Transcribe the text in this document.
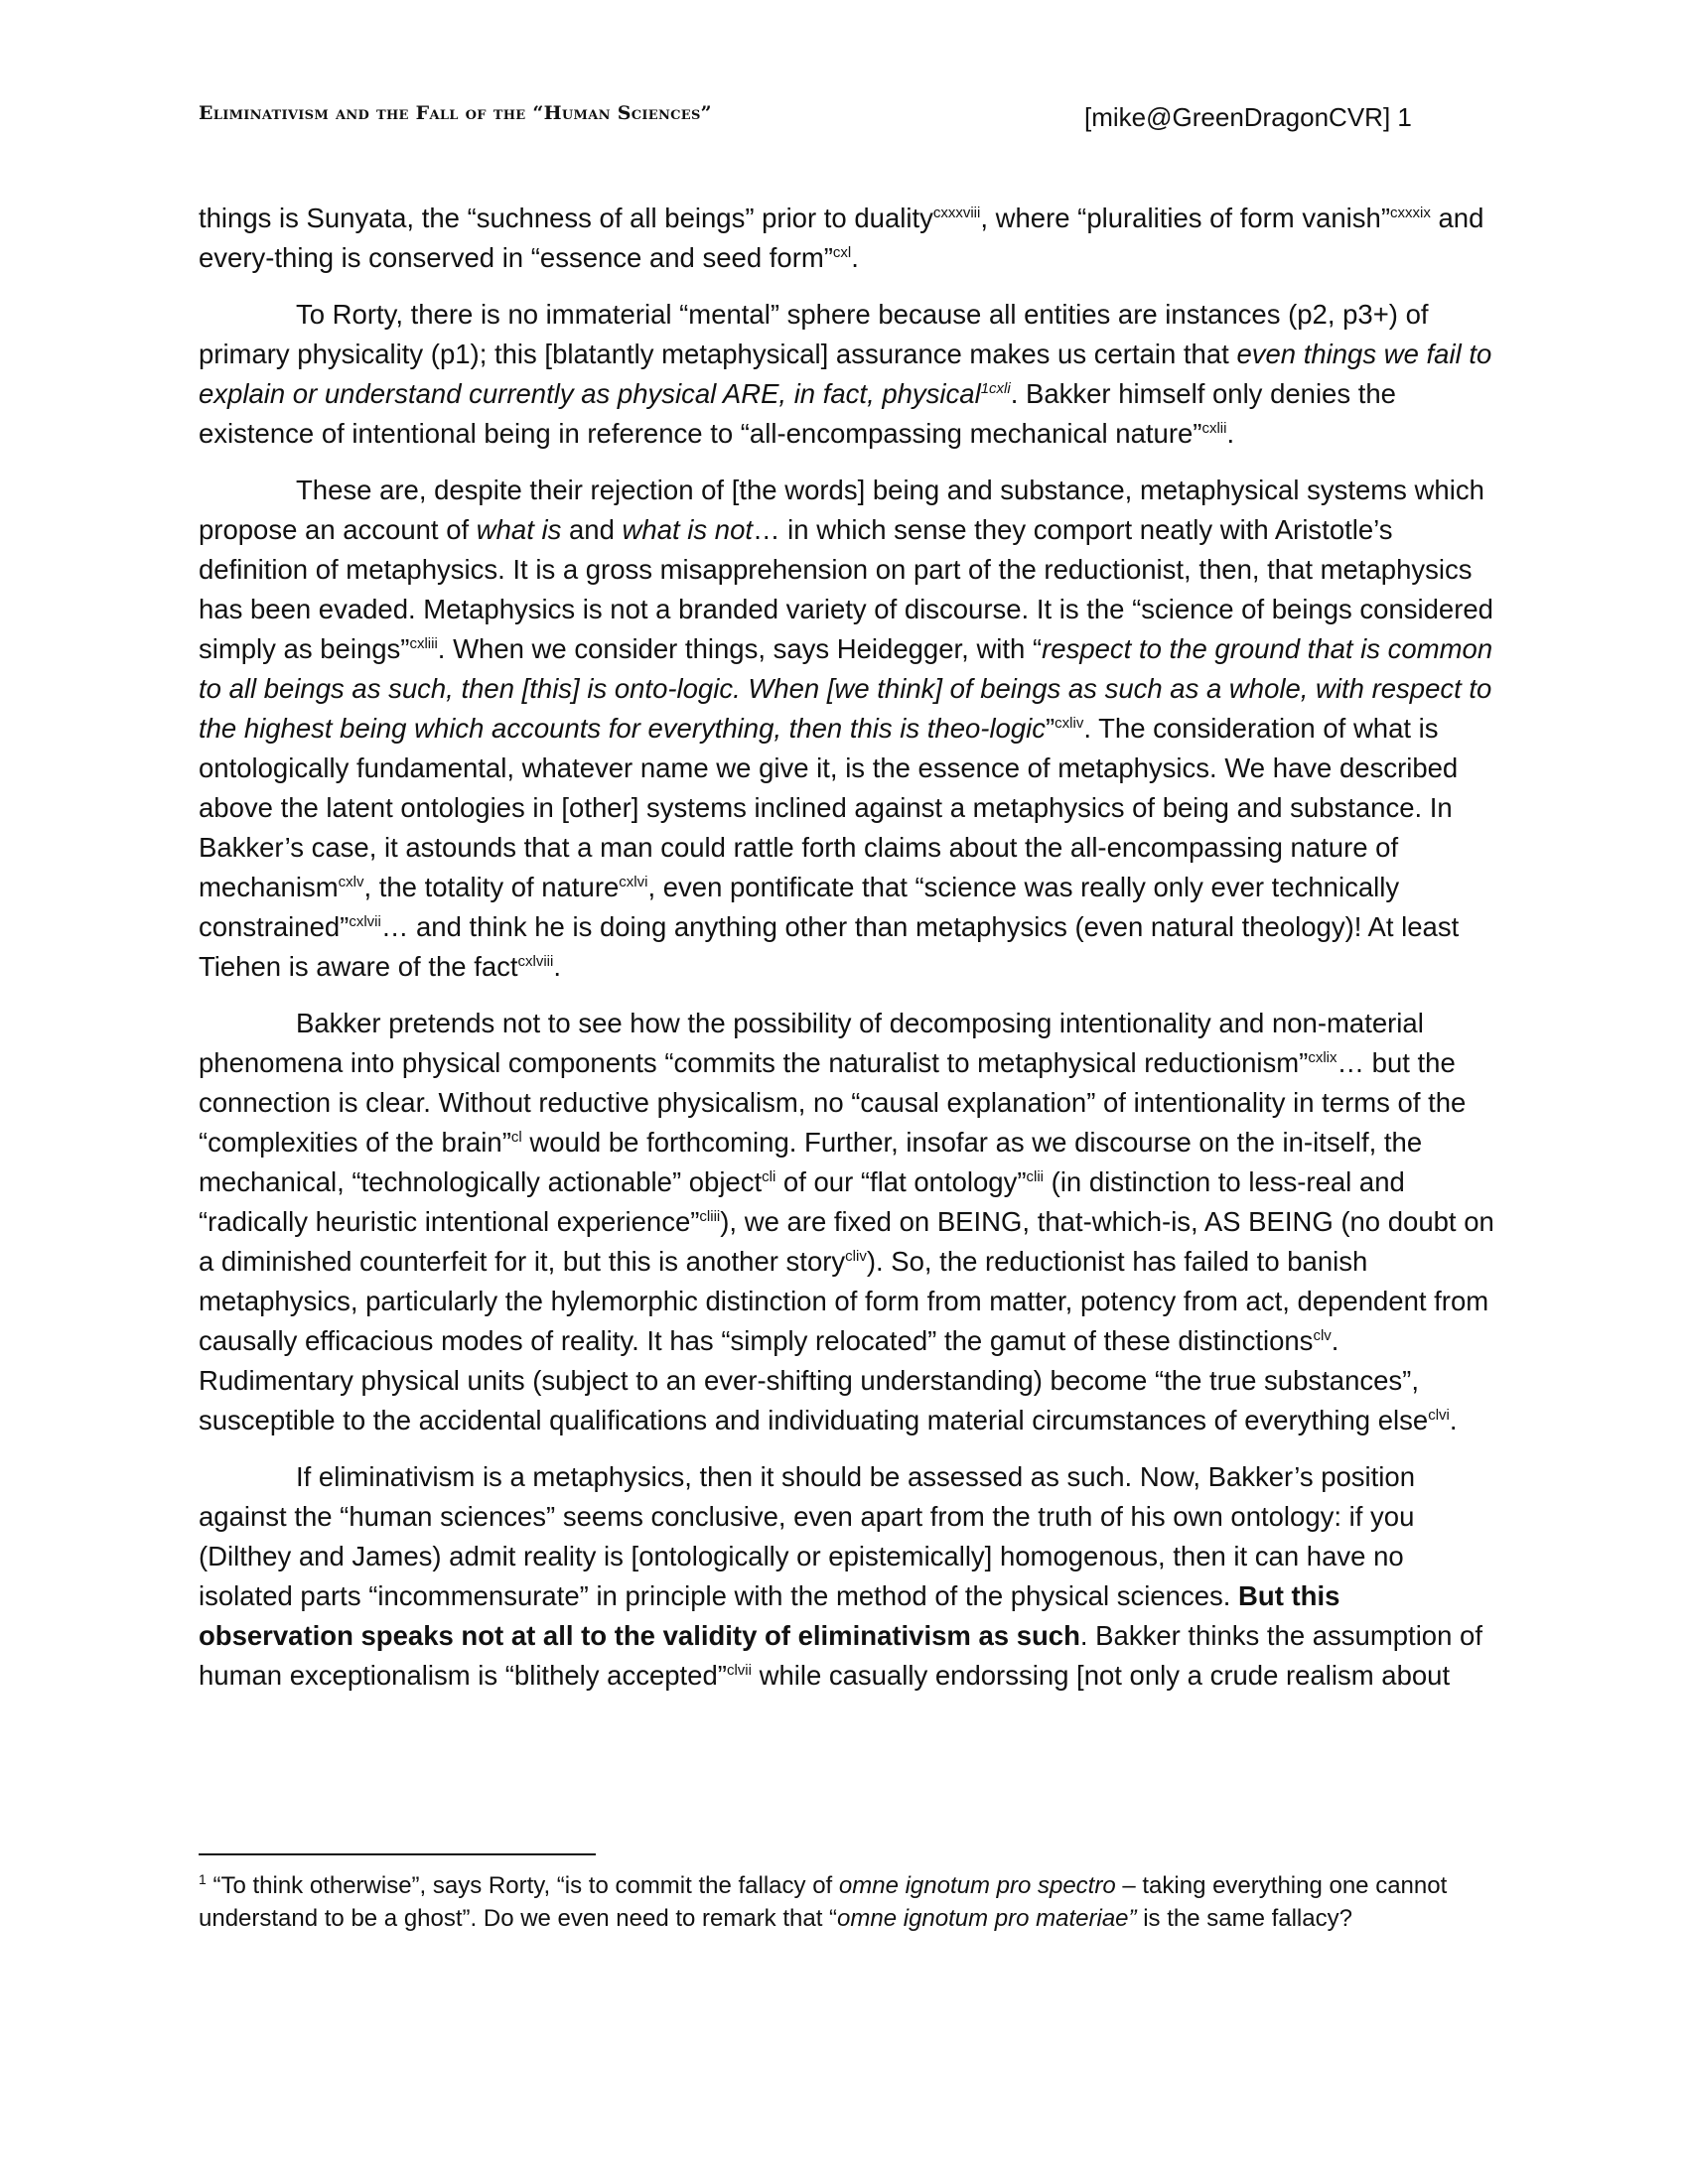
Eliminativism and the Fall of the “Human Sciences”	[mike@GreenDragonCVR] 1

things is Sunyata, the “suchness of all beings” prior to duality$^{cxxxviii}$, where “pluralities of form vanish”$^{cxxxix}$ and every-thing is conserved in “essence and seed form”$^{cxl}$.

To Rorty, there is no immaterial “mental” sphere because all entities are instances (p2, p3+) of primary physicality (p1); this [blatantly metaphysical] assurance makes us certain that even things we fail to explain or understand currently as physical ARE, in fact, physical$^{1cxli}$. Bakker himself only denies the existence of intentional being in reference to “all-encompassing mechanical nature”$^{cxlii}$.

These are, despite their rejection of [the words] being and substance, metaphysical systems which propose an account of what is and what is not… in which sense they comport neatly with Aristotle’s definition of metaphysics. It is a gross misapprehension on part of the reductionist, then, that metaphysics has been evaded. Metaphysics is not a branded variety of discourse. It is the “science of beings considered simply as beings”$^{cxliii}$. When we consider things, says Heidegger, with “respect to the ground that is common to all beings as such, then [this] is onto-logic. When [we think] of beings as such as a whole, with respect to the highest being which accounts for everything, then this is theo-logic”$^{cxliv}$. The consideration of what is ontologically fundamental, whatever name we give it, is the essence of metaphysics. We have described above the latent ontologies in [other] systems inclined against a metaphysics of being and substance. In Bakker’s case, it astounds that a man could rattle forth claims about the all-encompassing nature of mechanism$^{cxlv}$, the totality of nature$^{cxlvi}$, even pontificate that “science was really only ever technically constrained”$^{cxlvii}$… and think he is doing anything other than metaphysics (even natural theology)! At least Tiehen is aware of the fact$^{cxlviii}$.

Bakker pretends not to see how the possibility of decomposing intentionality and non-material phenomena into physical components “commits the naturalist to metaphysical reductionism”$^{cxlix}$… but the connection is clear. Without reductive physicalism, no “causal explanation” of intentionality in terms of the “complexities of the brain”$^{cl}$ would be forthcoming. Further, insofar as we discourse on the in-itself, the mechanical, “technologically actionable” object$^{cli}$ of our “flat ontology”$^{clii}$ (in distinction to less-real and “radically heuristic intentional experience”$^{cliii}$), we are fixed on BEING, that-which-is, AS BEING (no doubt on a diminished counterfeit for it, but this is another story$^{cliv}$). So, the reductionist has failed to banish metaphysics, particularly the hylemorphic distinction of form from matter, potency from act, dependent from causally efficacious modes of reality. It has “simply relocated” the gamut of these distinctions$^{clv}$. Rudimentary physical units (subject to an ever-shifting understanding) become “the true substances”, susceptible to the accidental qualifications and individuating material circumstances of everything else$^{clvi}$.

If eliminativism is a metaphysics, then it should be assessed as such. Now, Bakker’s position against the “human sciences” seems conclusive, even apart from the truth of his own ontology: if you (Dilthey and James) admit reality is [ontologically or epistemically] homogenous, then it can have no isolated parts “incommensurate” in principle with the method of the physical sciences. But this observation speaks not at all to the validity of eliminativism as such. Bakker thinks the assumption of human exceptionalism is “blithely accepted”$^{clvii}$ while casually endorssing [not only a crude realism about

$^1$ “To think otherwise”, says Rorty, “is to commit the fallacy of omne ignotum pro spectro – taking everything one cannot understand to be a ghost”. Do we even need to remark that “omne ignotum pro materiae” is the same fallacy?
